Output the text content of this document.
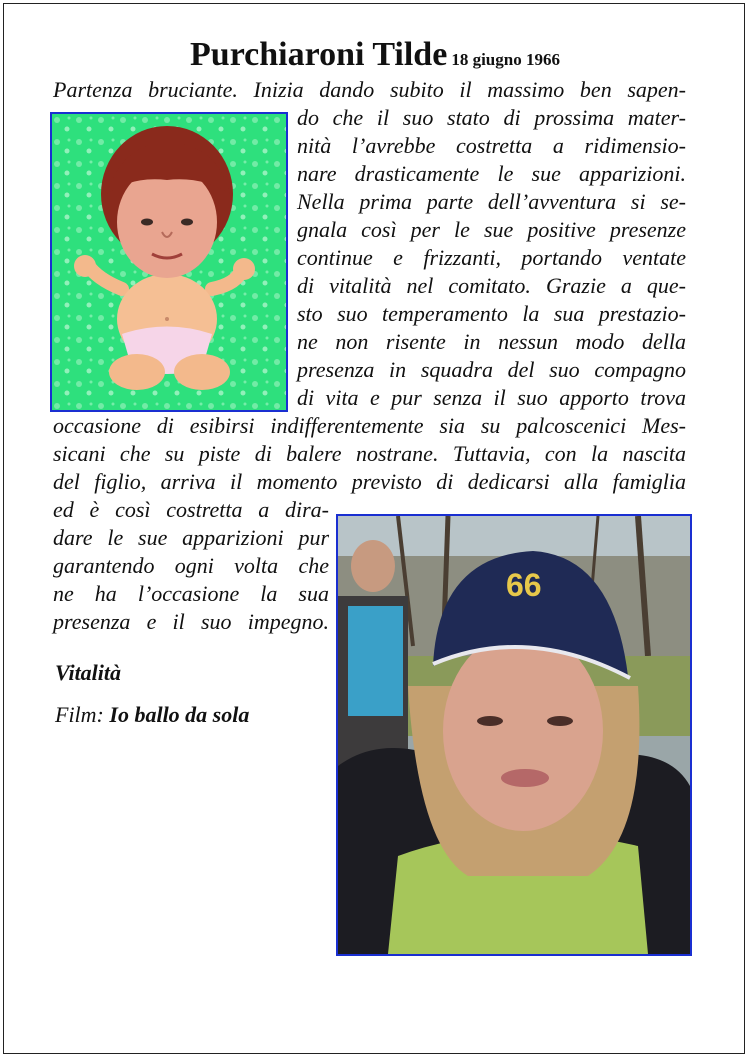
Purchiaroni Tilde 18 giugno 1966
Partenza bruciante. Inizia dando subito il massimo ben sapen-
do che il suo stato di prossima mater-
nità l’avrebbe costretta a ridimensio-
nare drasticamente le sue apparizioni.
Nella prima parte dell’avventura si se-
gnala così per le sue positive presenze
continue e frizzanti, portando ventate
di vitalità nel comitato. Grazie a que-
sto suo temperamento la sua prestazio-
ne non risente in nessun modo della
presenza in squadra del suo compagno
di vita e pur senza il suo apporto trova
occasione di esibirsi indifferentemente sia su palcoscenici Mes-
sicani che su piste di balere nostrane. Tuttavia, con la nascita
del figlio, arriva il momento previsto di dedicarsi alla famiglia
ed è così costretta a dira-
dare le sue apparizioni pur
garantendo ogni volta che
ne ha l’occasione la sua
presenza e il suo impegno.
Vitalità
Film: Io ballo da sola
66
